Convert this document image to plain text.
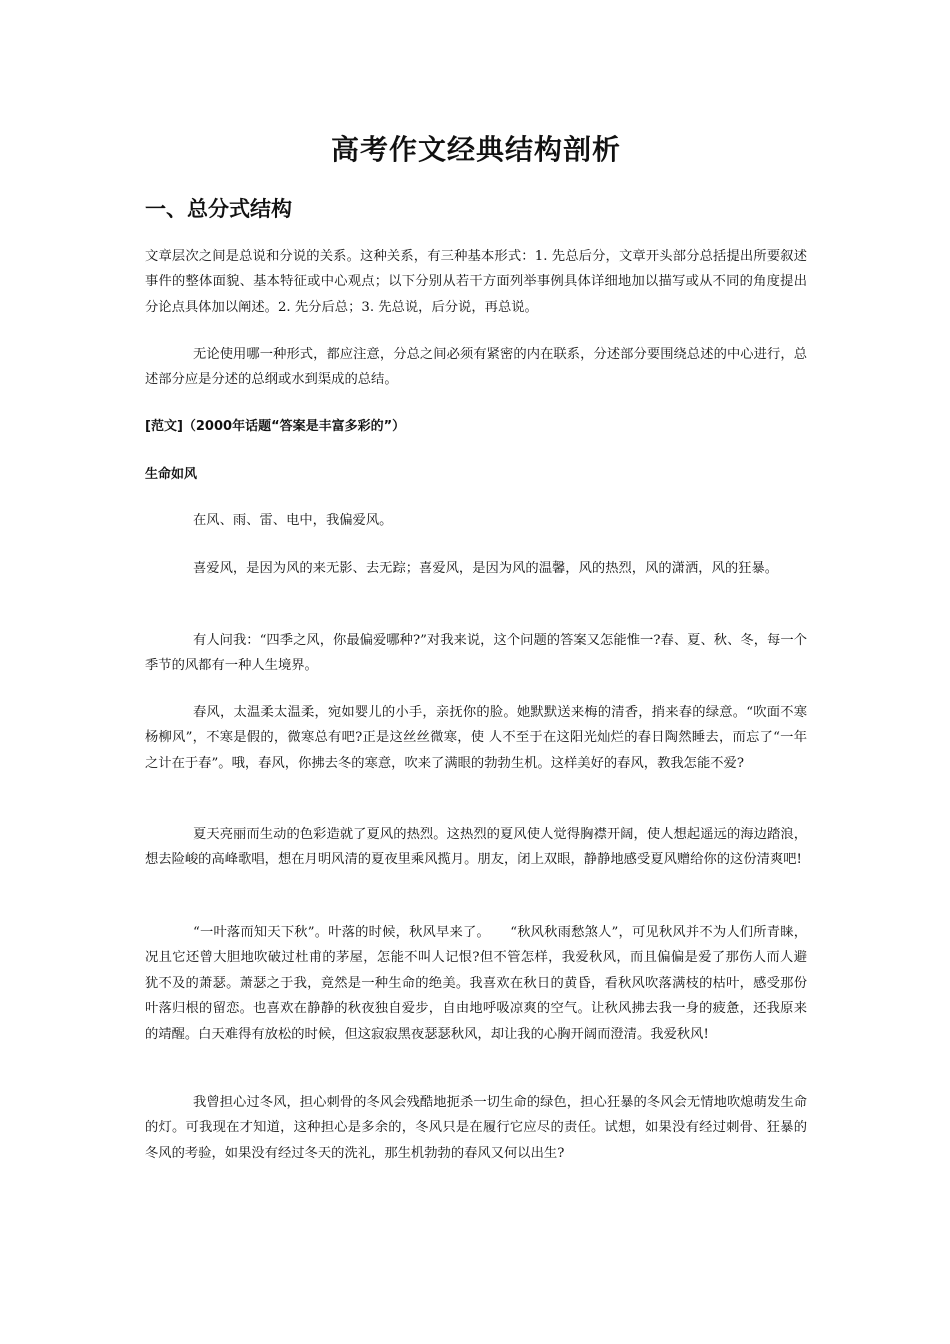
高考作文经典结构剖析
一、总分式结构

文章层次之间是总说和分说的关系。这种关系，有三种基本形式：1. 先总后分，文章开头部分总括提出所要叙述事件的整体面貌、基本特征或中心观点；以下分别从若干方面列举事例具体详细地加以描写或从不同的角度提出分论点具体加以阐述。2. 先分后总；3. 先总说，后分说，再总说。

无论使用哪一种形式，都应注意，分总之间必须有紧密的内在联系，分述部分要围绕总述的中心进行，总述部分应是分述的总纲或水到渠成的总结。

[范文]（2000年话题“答案是丰富多彩的”）

生命如风

在风、雨、雷、电中，我偏爱风。

喜爱风，是因为风的来无影、去无踪；喜爱风，是因为风的温馨，风的热烈，风的潇洒，风的狂暴。

有人问我：“四季之风，你最偏爱哪种?”对我来说，这个问题的答案又怎能惟一?春、夏、秋、冬，每一个季节的风都有一种人生境界。

春风，太温柔太温柔，宛如婴儿的小手，亲抚你的脸。她默默送来梅的清香，捎来春的绿意。“吹面不寒杨柳风”，不寒是假的，微寒总有吧?正是这丝丝微寒，使 人不至于在这阳光灿烂的春日陶然睡去，而忘了“一年之计在于春”。哦，春风，你拂去冬的寒意，吹来了满眼的勃勃生机。这样美好的春风，教我怎能不爱?

夏天亮丽而生动的色彩造就了夏风的热烈。这热烈的夏风使人觉得胸襟开阔，使人想起遥远的海边踏浪，想去险峻的高峰歌唱，想在月明风清的夏夜里乘风揽月。朋友，闭上双眼，静静地感受夏风赠给你的这份清爽吧!

“一叶落而知天下秋”。叶落的时候，秋风早来了。　　“秋风秋雨愁煞人”，可见秋风并不为人们所青睐，况且它还曾大胆地吹破过杜甫的茅屋，怎能不叫人记恨?但不管怎样，我爱秋风，而且偏偏是爱了那伤人而人避 犹不及的萧瑟。萧瑟之于我，竟然是一种生命的绝美。我喜欢在秋日的黄昏，看秋风吹落满枝的枯叶，感受那份叶落归根的留恋。也喜欢在静静的秋夜独自爱步，自由地呼吸凉爽的空气。让秋风拂去我一身的疲惫，还我原来的靖醒。白天难得有放松的时候，但这寂寂黑夜瑟瑟秋风，却让我的心胸开阔而澄清。我爱秋风!

我曾担心过冬风，担心刺骨的冬风会残酷地扼杀一切生命的绿色，担心狂暴的冬风会无情地吹熄萌发生命的灯。可我现在才知道，这种担心是多余的，冬风只是在履行它应尽的责任。试想，如果没有经过刺骨、狂暴的冬风的考验，如果没有经过冬天的洗礼，那生机勃勃的春风又何以出生?
